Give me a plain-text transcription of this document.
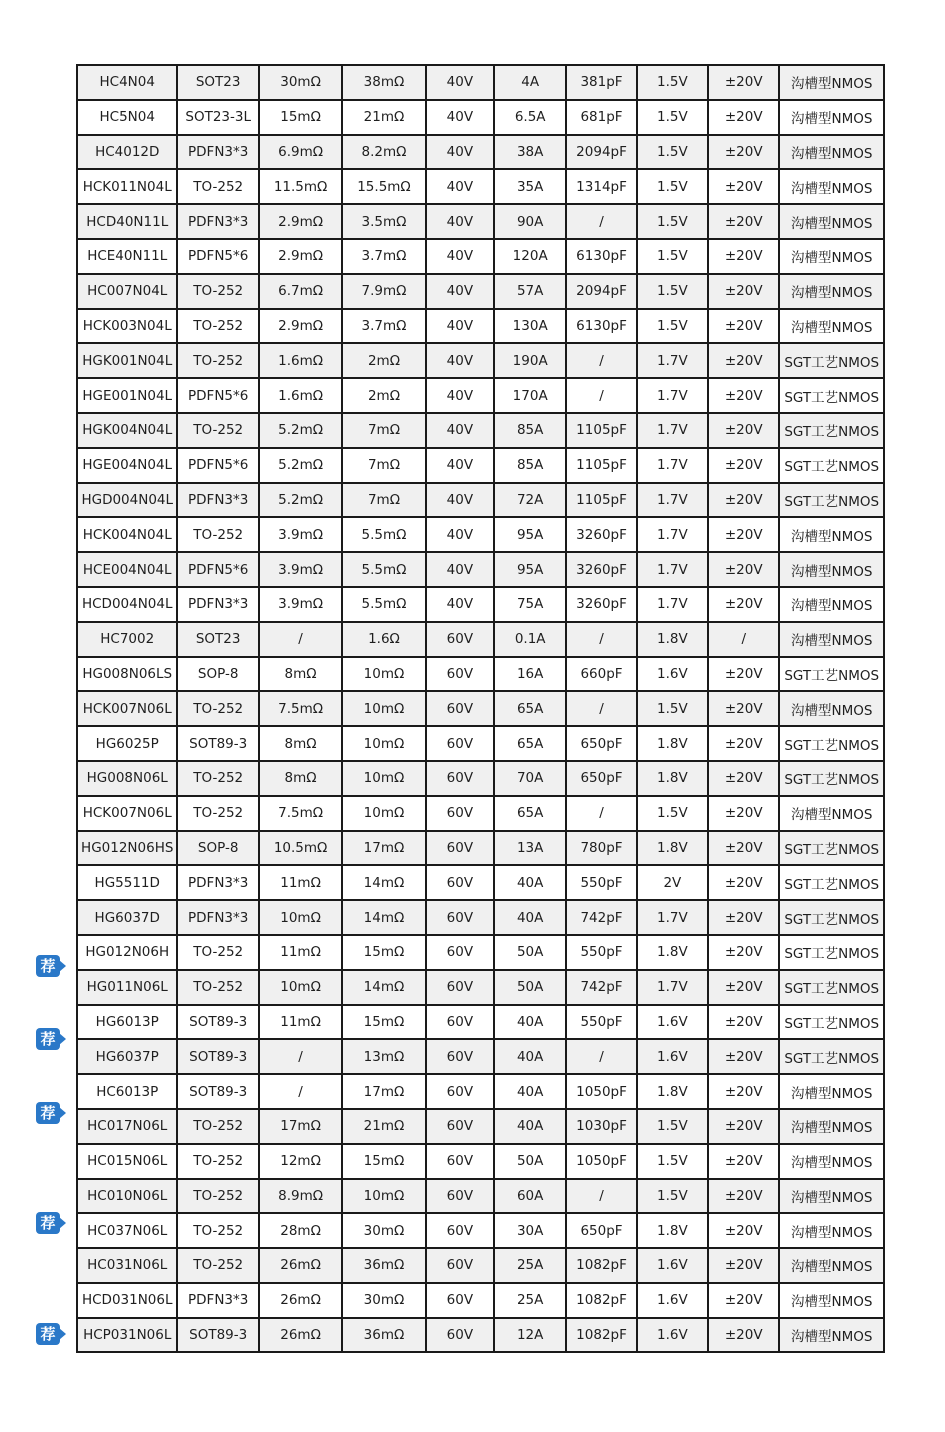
荐
荐
荐
荐
荐
HC4N04	SOT23	30mΩ	38mΩ	40V	4A	381pF	1.5V	±20V	沟槽型NMOS
HC5N04	SOT23-3L	15mΩ	21mΩ	40V	6.5A	681pF	1.5V	±20V	沟槽型NMOS
HC4012D	PDFN3*3	6.9mΩ	8.2mΩ	40V	38A	2094pF	1.5V	±20V	沟槽型NMOS
HCK011N04L	TO-252	11.5mΩ	15.5mΩ	40V	35A	1314pF	1.5V	±20V	沟槽型NMOS
HCD40N11L	PDFN3*3	2.9mΩ	3.5mΩ	40V	90A	/	1.5V	±20V	沟槽型NMOS
HCE40N11L	PDFN5*6	2.9mΩ	3.7mΩ	40V	120A	6130pF	1.5V	±20V	沟槽型NMOS
HC007N04L	TO-252	6.7mΩ	7.9mΩ	40V	57A	2094pF	1.5V	±20V	沟槽型NMOS
HCK003N04L	TO-252	2.9mΩ	3.7mΩ	40V	130A	6130pF	1.5V	±20V	沟槽型NMOS
HGK001N04L	TO-252	1.6mΩ	2mΩ	40V	190A	/	1.7V	±20V	SGT工艺NMOS
HGE001N04L	PDFN5*6	1.6mΩ	2mΩ	40V	170A	/	1.7V	±20V	SGT工艺NMOS
HGK004N04L	TO-252	5.2mΩ	7mΩ	40V	85A	1105pF	1.7V	±20V	SGT工艺NMOS
HGE004N04L	PDFN5*6	5.2mΩ	7mΩ	40V	85A	1105pF	1.7V	±20V	SGT工艺NMOS
HGD004N04L	PDFN3*3	5.2mΩ	7mΩ	40V	72A	1105pF	1.7V	±20V	SGT工艺NMOS
HCK004N04L	TO-252	3.9mΩ	5.5mΩ	40V	95A	3260pF	1.7V	±20V	沟槽型NMOS
HCE004N04L	PDFN5*6	3.9mΩ	5.5mΩ	40V	95A	3260pF	1.7V	±20V	沟槽型NMOS
HCD004N04L	PDFN3*3	3.9mΩ	5.5mΩ	40V	75A	3260pF	1.7V	±20V	沟槽型NMOS
HC7002	SOT23	/	1.6Ω	60V	0.1A	/	1.8V	/	沟槽型NMOS
HG008N06LS	SOP-8	8mΩ	10mΩ	60V	16A	660pF	1.6V	±20V	SGT工艺NMOS
HCK007N06L	TO-252	7.5mΩ	10mΩ	60V	65A	/	1.5V	±20V	沟槽型NMOS
HG6025P	SOT89-3	8mΩ	10mΩ	60V	65A	650pF	1.8V	±20V	SGT工艺NMOS
HG008N06L	TO-252	8mΩ	10mΩ	60V	70A	650pF	1.8V	±20V	SGT工艺NMOS
HCK007N06L	TO-252	7.5mΩ	10mΩ	60V	65A	/	1.5V	±20V	沟槽型NMOS
HG012N06HS	SOP-8	10.5mΩ	17mΩ	60V	13A	780pF	1.8V	±20V	SGT工艺NMOS
HG5511D	PDFN3*3	11mΩ	14mΩ	60V	40A	550pF	2V	±20V	SGT工艺NMOS
HG6037D	PDFN3*3	10mΩ	14mΩ	60V	40A	742pF	1.7V	±20V	SGT工艺NMOS
HG012N06H	TO-252	11mΩ	15mΩ	60V	50A	550pF	1.8V	±20V	SGT工艺NMOS
HG011N06L	TO-252	10mΩ	14mΩ	60V	50A	742pF	1.7V	±20V	SGT工艺NMOS
HG6013P	SOT89-3	11mΩ	15mΩ	60V	40A	550pF	1.6V	±20V	SGT工艺NMOS
HG6037P	SOT89-3	/	13mΩ	60V	40A	/	1.6V	±20V	SGT工艺NMOS
HC6013P	SOT89-3	/	17mΩ	60V	40A	1050pF	1.8V	±20V	沟槽型NMOS
HC017N06L	TO-252	17mΩ	21mΩ	60V	40A	1030pF	1.5V	±20V	沟槽型NMOS
HC015N06L	TO-252	12mΩ	15mΩ	60V	50A	1050pF	1.5V	±20V	沟槽型NMOS
HC010N06L	TO-252	8.9mΩ	10mΩ	60V	60A	/	1.5V	±20V	沟槽型NMOS
HC037N06L	TO-252	28mΩ	30mΩ	60V	30A	650pF	1.8V	±20V	沟槽型NMOS
HC031N06L	TO-252	26mΩ	36mΩ	60V	25A	1082pF	1.6V	±20V	沟槽型NMOS
HCD031N06L	PDFN3*3	26mΩ	30mΩ	60V	25A	1082pF	1.6V	±20V	沟槽型NMOS
HCP031N06L	SOT89-3	26mΩ	36mΩ	60V	12A	1082pF	1.6V	±20V	沟槽型NMOS
